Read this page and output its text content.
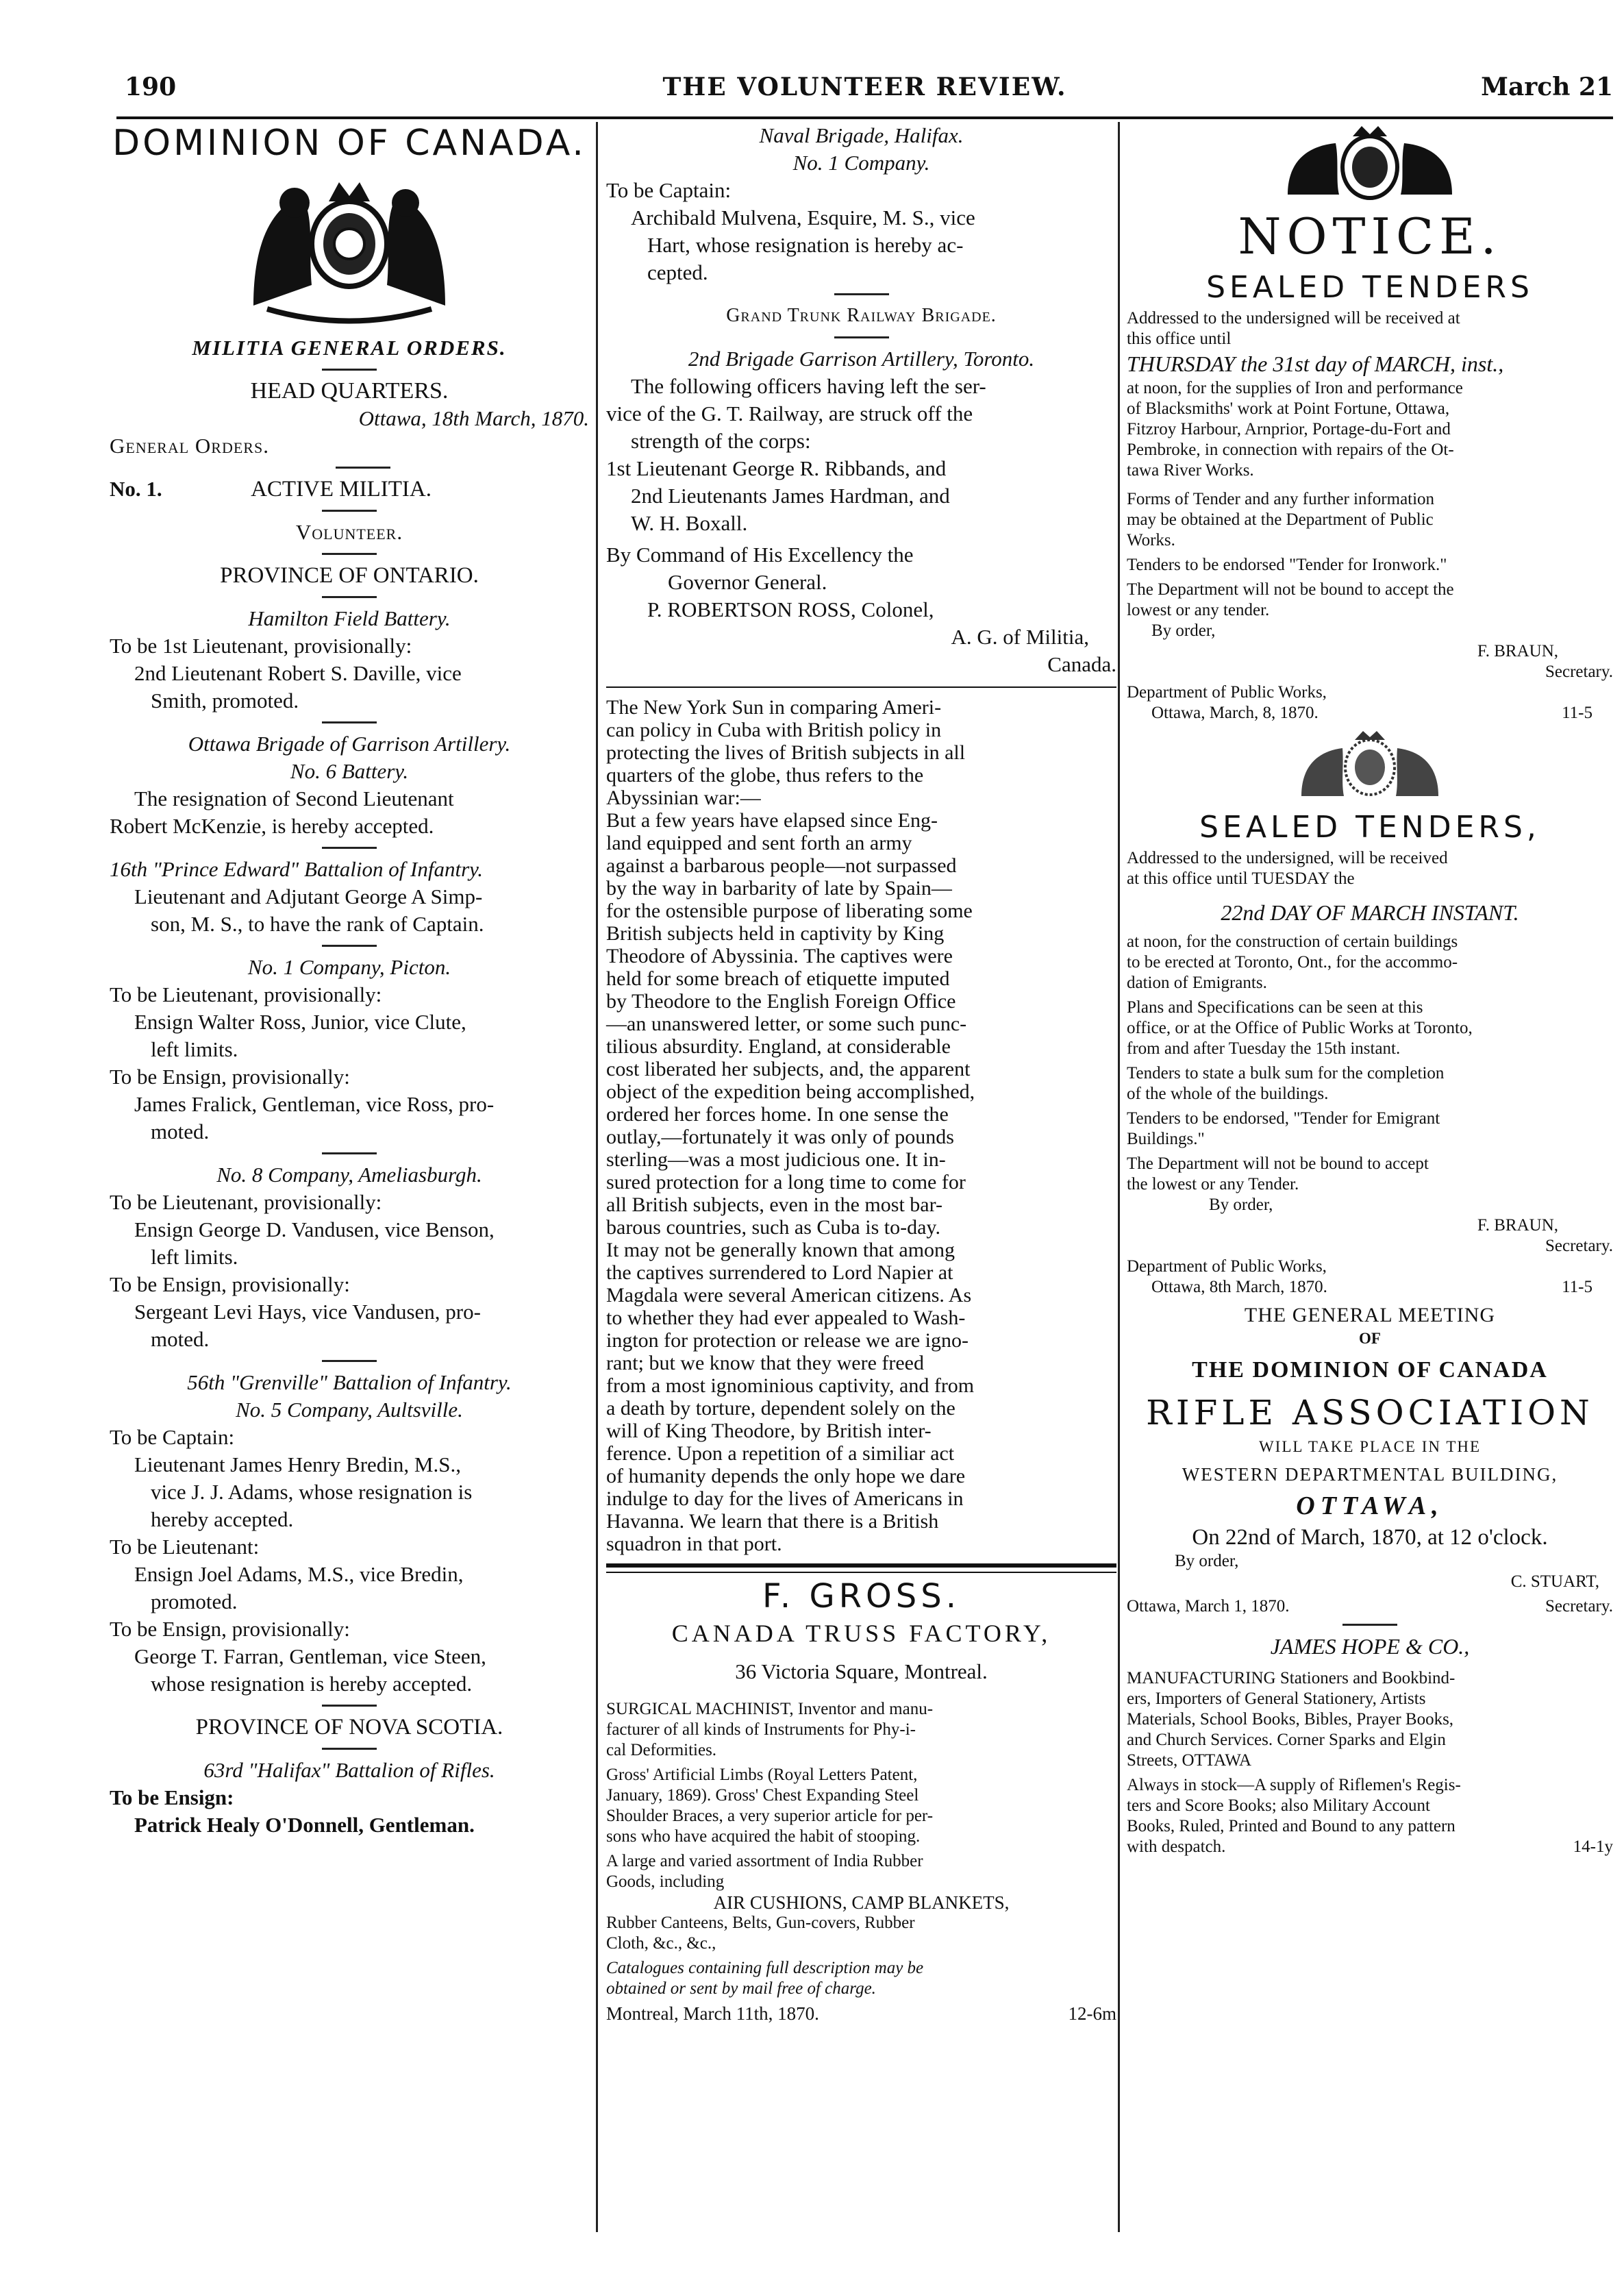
190	THE VOLUNTEER REVIEW.	March 21

DOMINION OF CANADA.

MILITIA GENERAL ORDERS.

HEAD QUARTERS.

Ottawa, 18th March, 1870.

General Orders.

No. 1.	ACTIVE MILITIA.

Volunteer.

PROVINCE OF ONTARIO.

Hamilton Field Battery.

To be 1st Lieutenant, provisionally:

2nd Lieutenant Robert S. Daville, vice

Smith, promoted.

Ottawa Brigade of Garrison Artillery.

No. 6 Battery.

The resignation of Second Lieutenant

Robert McKenzie, is hereby accepted.

16th "Prince Edward" Battalion of Infantry.

Lieutenant and Adjutant George A Simp-

son, M. S., to have the rank of Captain.

No. 1 Company, Picton.

To be Lieutenant, provisionally:

Ensign Walter Ross, Junior, vice Clute,

left limits.

To be Ensign, provisionally:

James Fralick, Gentleman, vice Ross, pro-

moted.

No. 8 Company, Ameliasburgh.

To be Lieutenant, provisionally:

Ensign George D. Vandusen, vice Benson,

left limits.

To be Ensign, provisionally:

Sergeant Levi Hays, vice Vandusen, pro-

moted.

56th "Grenville" Battalion of Infantry.

No. 5 Company, Aultsville.

To be Captain:

Lieutenant James Henry Bredin, M.S.,

vice J. J. Adams, whose resignation is

hereby accepted.

To be Lieutenant:

Ensign Joel Adams, M.S., vice Bredin,

promoted.

To be Ensign, provisionally:

George T. Farran, Gentleman, vice Steen,

whose resignation is hereby accepted.

PROVINCE OF NOVA SCOTIA.

63rd "Halifax" Battalion of Rifles.

To be Ensign:

Patrick Healy O'Donnell, Gentleman.

Naval Brigade, Halifax.

No. 1 Company.

To be Captain:

Archibald Mulvena, Esquire, M. S., vice

Hart, whose resignation is hereby ac-

cepted.

Grand Trunk Railway Brigade.

2nd Brigade Garrison Artillery, Toronto.

The following officers having left the ser-

vice of the G. T. Railway, are struck off the

strength of the corps:

1st Lieutenant George R. Ribbands, and

2nd Lieutenants James Hardman, and

W. H. Boxall.

By Command of His Excellency the

Governor General.

P. ROBERTSON ROSS, Colonel,

A. G. of Militia,

Canada.

The New York Sun in comparing Ameri-

can policy in Cuba with British policy in

protecting the lives of British subjects in all

quarters of the globe, thus refers to the

Abyssinian war:—

But a few years have elapsed since Eng-

land equipped and sent forth an army

against a barbarous people—not surpassed

by the way in barbarity of late by Spain—

for the ostensible purpose of liberating some

British subjects held in captivity by King

Theodore of Abyssinia. The captives were

held for some breach of etiquette imputed

by Theodore to the English Foreign Office

—an unanswered letter, or some such punc-

tilious absurdity. England, at considerable

cost liberated her subjects, and, the apparent

object of the expedition being accomplished,

ordered her forces home. In one sense the

outlay,—fortunately it was only of pounds

sterling—was a most judicious one. It in-

sured protection for a long time to come for

all British subjects, even in the most bar-

barous countries, such as Cuba is to-day.

It may not be generally known that among

the captives surrendered to Lord Napier at

Magdala were several American citizens. As

to whether they had ever appealed to Wash-

ington for protection or release we are igno-

rant; but we know that they were freed

from a most ignominious captivity, and from

a death by torture, dependent solely on the

will of King Theodore, by British inter-

ference. Upon a repetition of a similiar act

of humanity depends the only hope we dare

indulge to day for the lives of Americans in

Havanna. We learn that there is a British

squadron in that port.

F. GROSS.

CANADA TRUSS FACTORY,

36 Victoria Square, Montreal.

SURGICAL MACHINIST, Inventor and manu-

facturer of all kinds of Instruments for Phy-i-

cal Deformities.

Gross' Artificial Limbs (Royal Letters Patent,

January, 1869). Gross' Chest Expanding Steel

Shoulder Braces, a very superior article for per-

sons who have acquired the habit of stooping.

A large and varied assortment of India Rubber

Goods, including

AIR CUSHIONS, CAMP BLANKETS,

Rubber Canteens, Belts, Gun-covers, Rubber

Cloth, &c., &c.,

Catalogues containing full description may be

obtained or sent by mail free of charge.

Montreal, March 11th, 1870.	12-6m

NOTICE.

SEALED TENDERS

Addressed to the undersigned will be received at

this office until

THURSDAY the 31st day of MARCH, inst.,

at noon, for the supplies of Iron and performance

of Blacksmiths' work at Point Fortune, Ottawa,

Fitzroy Harbour, Arnprior, Portage-du-Fort and

Pembroke, in connection with repairs of the Ot-

tawa River Works.

Forms of Tender and any further information

may be obtained at the Department of Public

Works.

Tenders to be endorsed "Tender for Ironwork."

The Department will not be bound to accept the

lowest or any tender.

By order,

F. BRAUN,

Secretary.

Department of Public Works,

Ottawa, March, 8, 1870.	11-5

SEALED TENDERS,

Addressed to the undersigned, will be received

at this office until TUESDAY the

22nd DAY OF MARCH INSTANT.

at noon, for the construction of certain buildings

to be erected at Toronto, Ont., for the accommo-

dation of Emigrants.

Plans and Specifications can be seen at this

office, or at the Office of Public Works at Toronto,

from and after Tuesday the 15th instant.

Tenders to state a bulk sum for the completion

of the whole of the buildings.

Tenders to be endorsed, "Tender for Emigrant

Buildings."

The Department will not be bound to accept

the lowest or any Tender.

By order,

F. BRAUN,

Secretary.

Department of Public Works,

Ottawa, 8th March, 1870.	11-5

THE GENERAL MEETING

OF

THE DOMINION OF CANADA

RIFLE ASSOCIATION

WILL TAKE PLACE IN THE

WESTERN DEPARTMENTAL BUILDING,

OTTAWA,

On 22nd of March, 1870, at 12 o'clock.

By order,

C. STUART,

Ottawa, March 1, 1870.	Secretary.

JAMES HOPE & CO.,

MANUFACTURING Stationers and Bookbind-

ers, Importers of General Stationery, Artists

Materials, School Books, Bibles, Prayer Books,

and Church Services. Corner Sparks and Elgin

Streets, OTTAWA

Always in stock—A supply of Riflemen's Regis-

ters and Score Books; also Military Account

Books, Ruled, Printed and Bound to any pattern

with despatch.	14-1y
